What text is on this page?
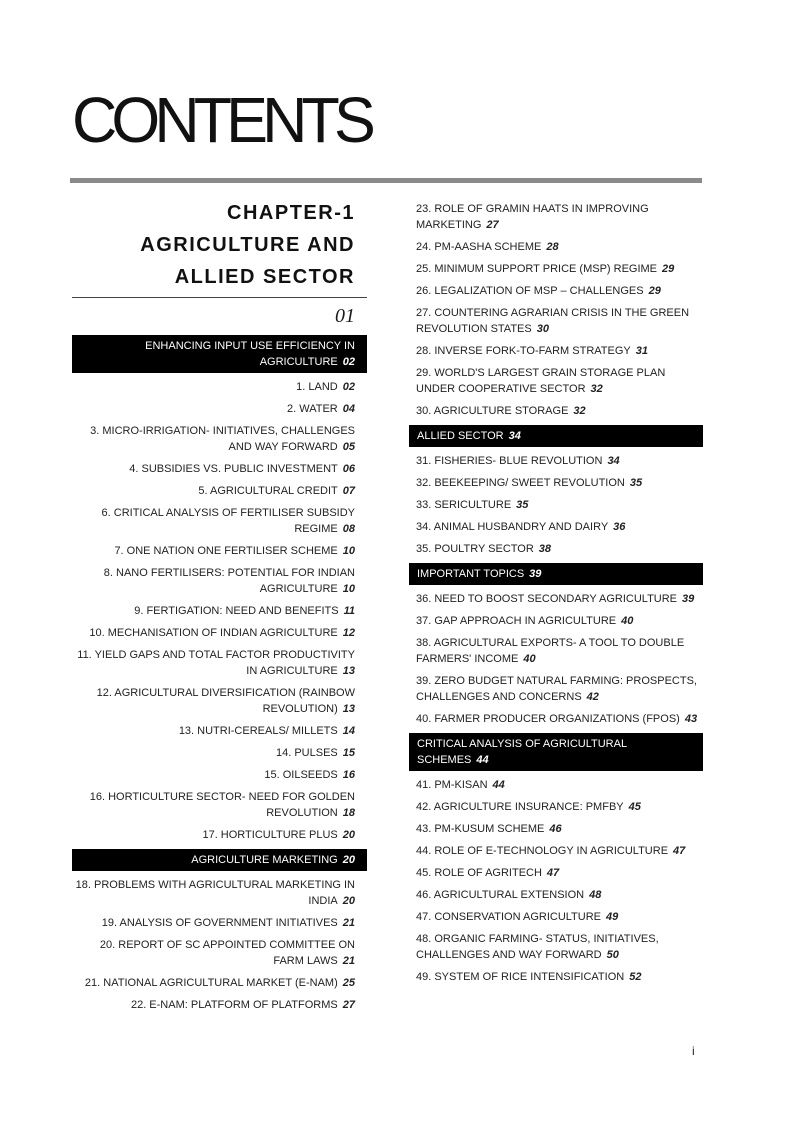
CONTENTS
CHAPTER-1
AGRICULTURE AND
ALLIED SECTOR
01
ENHANCING INPUT USE EFFICIENCY IN AGRICULTURE 02
1. LAND 02
2. WATER 04
3. MICRO-IRRIGATION- INITIATIVES, CHALLENGES AND WAY FORWARD 05
4. SUBSIDIES VS. PUBLIC INVESTMENT 06
5. AGRICULTURAL CREDIT 07
6. CRITICAL ANALYSIS OF FERTILISER SUBSIDY REGIME 08
7. ONE NATION ONE FERTILISER SCHEME 10
8. NANO FERTILISERS: POTENTIAL FOR INDIAN AGRICULTURE 10
9. FERTIGATION: NEED AND BENEFITS 11
10. MECHANISATION OF INDIAN AGRICULTURE 12
11. YIELD GAPS AND TOTAL FACTOR PRODUCTIVITY IN AGRICULTURE 13
12. AGRICULTURAL DIVERSIFICATION (RAINBOW REVOLUTION) 13
13. NUTRI-CEREALS/ MILLETS 14
14. PULSES 15
15. OILSEEDS 16
16. HORTICULTURE SECTOR- NEED FOR GOLDEN REVOLUTION 18
17. HORTICULTURE PLUS 20
AGRICULTURE MARKETING 20
18. PROBLEMS WITH AGRICULTURAL MARKETING IN INDIA 20
19. ANALYSIS OF GOVERNMENT INITIATIVES 21
20. REPORT OF SC APPOINTED COMMITTEE ON FARM LAWS 21
21. NATIONAL AGRICULTURAL MARKET (E-NAM) 25
22. E-NAM: PLATFORM OF PLATFORMS 27
23. ROLE OF GRAMIN HAATS IN IMPROVING MARKETING 27
24. PM-AASHA SCHEME 28
25. MINIMUM SUPPORT PRICE (MSP) REGIME 29
26. LEGALIZATION OF MSP – CHALLENGES 29
27. COUNTERING AGRARIAN CRISIS IN THE GREEN REVOLUTION STATES 30
28. INVERSE FORK-TO-FARM STRATEGY 31
29. WORLD'S LARGEST GRAIN STORAGE PLAN UNDER COOPERATIVE SECTOR 32
30. AGRICULTURE STORAGE 32
ALLIED SECTOR 34
31. FISHERIES- BLUE REVOLUTION 34
32. BEEKEEPING/ SWEET REVOLUTION 35
33. SERICULTURE 35
34. ANIMAL HUSBANDRY AND DAIRY 36
35. POULTRY SECTOR 38
IMPORTANT TOPICS 39
36. NEED TO BOOST SECONDARY AGRICULTURE 39
37. GAP APPROACH IN AGRICULTURE 40
38. AGRICULTURAL EXPORTS- A TOOL TO DOUBLE FARMERS' INCOME 40
39. ZERO BUDGET NATURAL FARMING: PROSPECTS, CHALLENGES AND CONCERNS 42
40. FARMER PRODUCER ORGANIZATIONS (FPOS) 43
CRITICAL ANALYSIS OF AGRICULTURAL SCHEMES 44
41. PM-KISAN 44
42. AGRICULTURE INSURANCE: PMFBY 45
43. PM-KUSUM SCHEME 46
44. ROLE OF E-TECHNOLOGY IN AGRICULTURE 47
45. ROLE OF AGRITECH 47
46. AGRICULTURAL EXTENSION 48
47. CONSERVATION AGRICULTURE 49
48. ORGANIC FARMING- STATUS, INITIATIVES, CHALLENGES AND WAY FORWARD 50
49. SYSTEM OF RICE INTENSIFICATION 52
i
